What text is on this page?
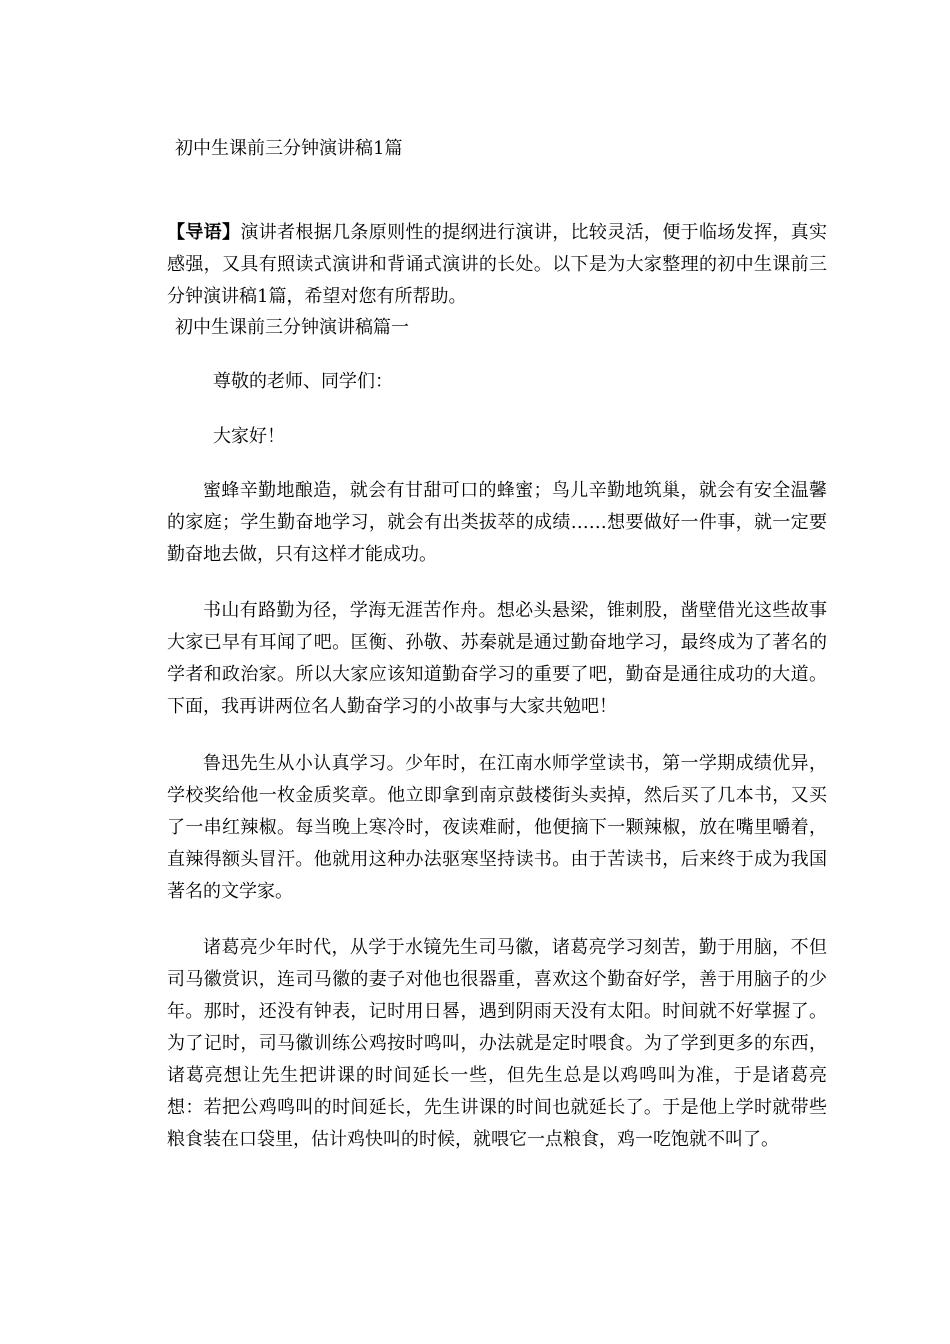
初中生课前三分钟演讲稿1篇

【导语】演讲者根据几条原则性的提纲进行演讲，比较灵活，便于临场发挥，真实感强，又具有照读式演讲和背诵式演讲的长处。以下是为大家整理的初中生课前三分钟演讲稿1篇，希望对您有所帮助。

初中生课前三分钟演讲稿篇一

尊敬的老师、同学们：

大家好！

蜜蜂辛勤地酿造，就会有甘甜可口的蜂蜜；鸟儿辛勤地筑巢，就会有安全温馨的家庭；学生勤奋地学习，就会有出类拔萃的成绩……想要做好一件事，就一定要勤奋地去做，只有这样才能成功。

书山有路勤为径，学海无涯苦作舟。想必头悬梁，锥刺股，凿壁借光这些故事大家已早有耳闻了吧。匡衡、孙敬、苏秦就是通过勤奋地学习，最终成为了著名的学者和政治家。所以大家应该知道勤奋学习的重要了吧，勤奋是通往成功的大道。下面，我再讲两位名人勤奋学习的小故事与大家共勉吧！

鲁迅先生从小认真学习。少年时，在江南水师学堂读书，第一学期成绩优异，学校奖给他一枚金质奖章。他立即拿到南京鼓楼街头卖掉，然后买了几本书，又买了一串红辣椒。每当晚上寒冷时，夜读难耐，他便摘下一颗辣椒，放在嘴里嚼着，直辣得额头冒汗。他就用这种办法驱寒坚持读书。由于苦读书，后来终于成为我国著名的文学家。

诸葛亮少年时代，从学于水镜先生司马徽，诸葛亮学习刻苦，勤于用脑，不但司马徽赏识，连司马徽的妻子对他也很器重，喜欢这个勤奋好学，善于用脑子的少年。那时，还没有钟表，记时用日晷，遇到阴雨天没有太阳。时间就不好掌握了。为了记时，司马徽训练公鸡按时鸣叫，办法就是定时喂食。为了学到更多的东西，诸葛亮想让先生把讲课的时间延长一些，但先生总是以鸡鸣叫为准，于是诸葛亮想：若把公鸡鸣叫的时间延长，先生讲课的时间也就延长了。于是他上学时就带些粮食装在口袋里，估计鸡快叫的时候，就喂它一点粮食，鸡一吃饱就不叫了。
